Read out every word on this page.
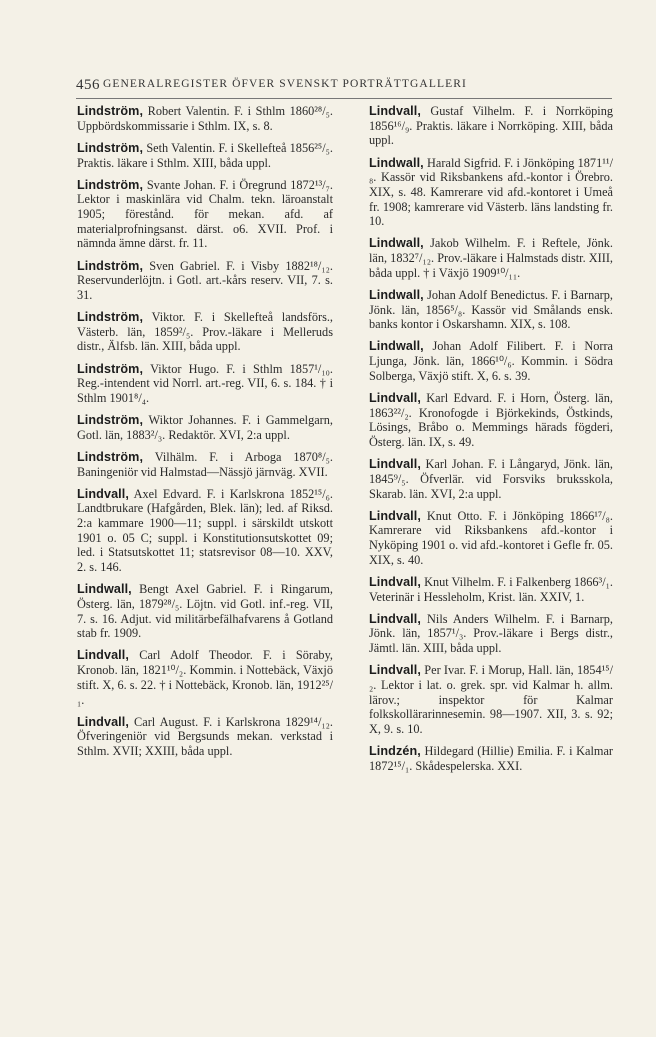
456 GENERALREGISTER ÖFVER SVENSKT PORTRÄTTGALLERI

Lindström, Robert Valentin. F. i Sthlm 1860²⁸/₅. Uppbördskommissarie i Sthlm. IX, s. 8.

Lindström, Seth Valentin. F. i Skellefteå 1856²⁵/₅. Praktis. läkare i Sthlm. XIII, båda uppl.

Lindström, Svante Johan. F. i Öregrund 1872¹³/₇. Lektor i maskinlära vid Chalm. tekn. läroanstalt 1905; förestånd. för mekan. afd. af materialprofningsanst. därst. o6. XVII. Prof. i nämnda ämne därst. fr. 11.

Lindström, Sven Gabriel. F. i Visby 1882¹⁸/₁₂. Reservunderlöjtn. i Gotl. art.-kårs reserv. VII, 7. s. 31.

Lindström, Viktor. F. i Skellefteå landsförs., Västerb. län, 1859²/₅. Prov.-läkare i Melleruds distr., Älfsb. län. XIII, båda uppl.

Lindström, Viktor Hugo. F. i Sthlm 1857¹/₁₀. Reg.-intendent vid Norrl. art.-reg. VII, 6. s. 184. † i Sthlm 1901⁸/₄.

Lindström, Wiktor Johannes. F. i Gammelgarn, Gotl. län, 1883²/₃. Redaktör. XVI, 2:a uppl.

Lindström, Vilhälm. F. i Arboga 1870⁸/₅. Baningeniör vid Halmstad—Nässjö järnväg. XVII.

Lindvall, Axel Edvard. F. i Karlskrona 1852¹⁵/₆. Landtbrukare (Hafgården, Blek. län); led. af Riksd. 2:a kammare 1900—11; suppl. i särskildt utskott 1901 o. 05 C; suppl. i Konstitutionsutskottet 09; led. i Statsutskottet 11; statsrevisor 08—10. XXV, 2. s. 146.

Lindwall, Bengt Axel Gabriel. F. i Ringarum, Österg. län, 1879²⁸/₅. Löjtn. vid Gotl. inf.-reg. VII, 7. s. 16. Adjut. vid militärbefälhafvarens å Gotland stab fr. 1909.

Lindvall, Carl Adolf Theodor. F. i Söraby, Kronob. län, 1821¹⁰/₂. Kommin. i Nottebäck, Växjö stift. X, 6. s. 22. † i Nottebäck, Kronob. län, 1912²⁵/₁.

Lindvall, Carl August. F. i Karlskrona 1829¹⁴/₁₂. Öfveringeniör vid Bergsunds mekan. verkstad i Sthlm. XVII; XXIII, båda uppl.

Lindvall, Gustaf Vilhelm. F. i Norrköping 1856¹⁶/₉. Praktis. läkare i Norrköping. XIII, båda uppl.

Lindwall, Harald Sigfrid. F. i Jönköping 1871¹¹/₈. Kassör vid Riksbankens afd.-kontor i Örebro. XIX, s. 48. Kamrerare vid afd.-kontoret i Umeå fr. 1908; kamrerare vid Västerb. läns landsting fr. 10.

Lindwall, Jakob Wilhelm. F. i Reftele, Jönk. län, 1832⁷/₁₂. Prov.-läkare i Halmstads distr. XIII, båda uppl. † i Växjö 1909¹⁰/₁₁.

Lindwall, Johan Adolf Benedictus. F. i Barnarp, Jönk. län, 1856⁵/₈. Kassör vid Smålands ensk. banks kontor i Oskarshamn. XIX, s. 108.

Lindwall, Johan Adolf Filibert. F. i Norra Ljunga, Jönk. län, 1866¹⁰/₆. Kommin. i Södra Solberga, Växjö stift. X, 6. s. 39.

Lindvall, Karl Edvard. F. i Horn, Österg. län, 1863²²/₂. Kronofogde i Björkekinds, Östkinds, Lösings, Bråbo o. Memmings härads fögderi, Österg. län. IX, s. 49.

Lindvall, Karl Johan. F. i Långaryd, Jönk. län, 1845⁹/₅. Öfverlär. vid Forsviks bruksskola, Skarab. län. XVI, 2:a uppl.

Lindvall, Knut Otto. F. i Jönköping 1866¹⁷/₈. Kamrerare vid Riksbankens afd.-kontor i Nyköping 1901 o. vid afd.-kontoret i Gefle fr. 05. XIX, s. 40.

Lindvall, Knut Vilhelm. F. i Falkenberg 1866³/₁. Veterinär i Hessleholm, Krist. län. XXIV, 1.

Lindvall, Nils Anders Wilhelm. F. i Barnarp, Jönk. län, 1857¹/₃. Prov.-läkare i Bergs distr., Jämtl. län. XIII, båda uppl.

Lindvall, Per Ivar. F. i Morup, Hall. län, 1854¹⁵/₂. Lektor i lat. o. grek. spr. vid Kalmar h. allm. lärov.; inspektor för Kalmar folkskollärarinnesemin. 98—1907. XII, 3. s. 92; X, 9. s. 10.

Lindzén, Hildegard (Hillie) Emilia. F. i Kalmar 1872¹⁵/₁. Skådespelerska. XXI.
